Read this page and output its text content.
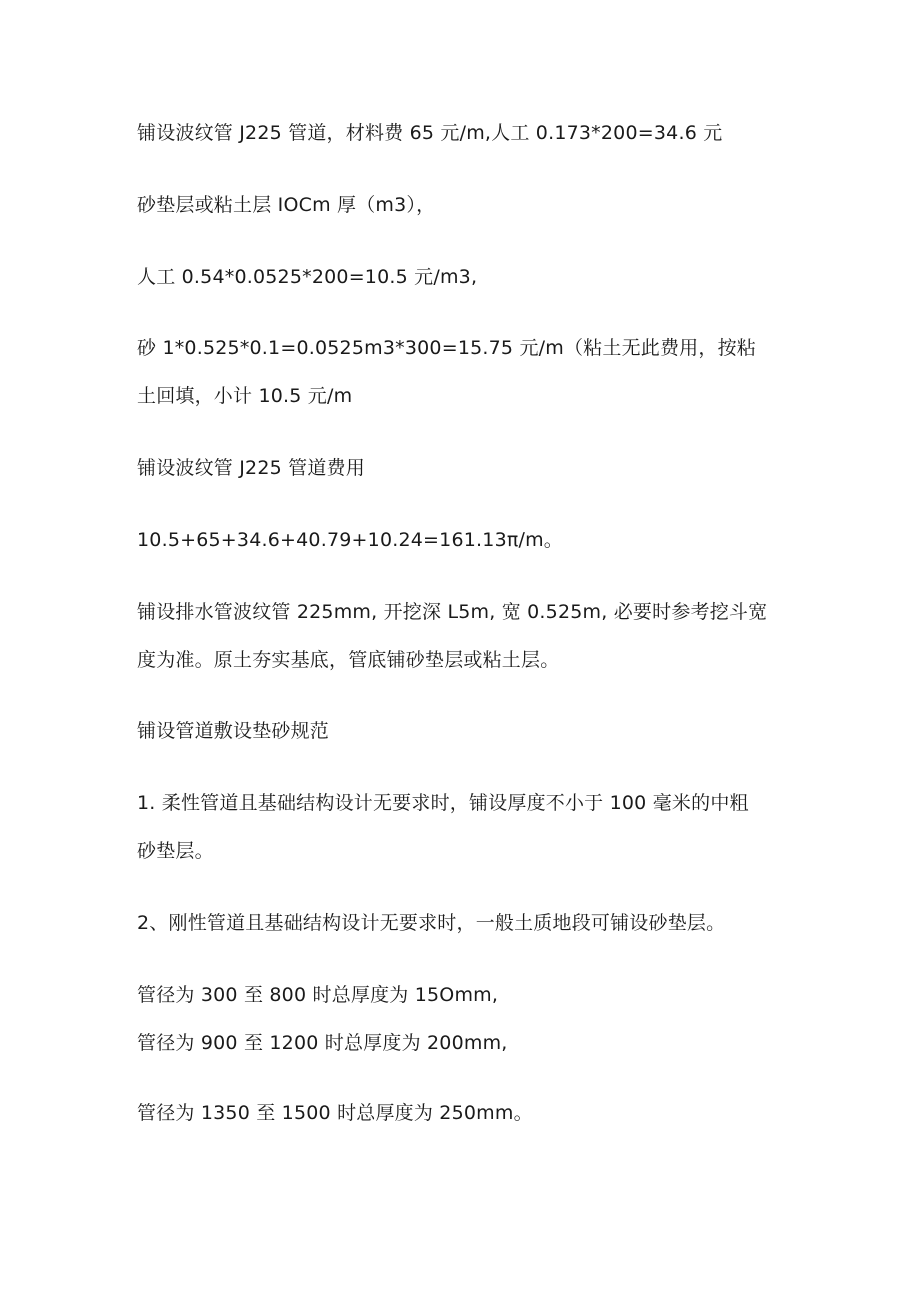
铺设波纹管 J225 管道，材料费 65 元/m,人工 0.173*200=34.6 元
砂垫层或粘土层 IOCm 厚（m3），
人工 0.54*0.0525*200=10.5 元/m3,
砂 1*0.525*0.1=0.0525m3*300=15.75 元/m（粘土无此费用，按粘
土回填，小计 10.5 元/m
铺设波纹管 J225 管道费用
10.5+65+34.6+40.79+10.24=161.13π∕m。
铺设排水管波纹管 225mm, 开挖深 L5m, 宽 0.525m, 必要时参考挖斗宽
度为准。原土夯实基底，管底铺砂垫层或粘土层。
铺设管道敷设垫砂规范
1. 柔性管道且基础结构设计无要求时，铺设厚度不小于 100 毫米的中粗
砂垫层。
2、刚性管道且基础结构设计无要求时，一般土质地段可铺设砂垫层。
管径为 300 至 800 时总厚度为 15Omm,
管径为 900 至 1200 时总厚度为 200mm,
管径为 1350 至 1500 时总厚度为 250mm。
